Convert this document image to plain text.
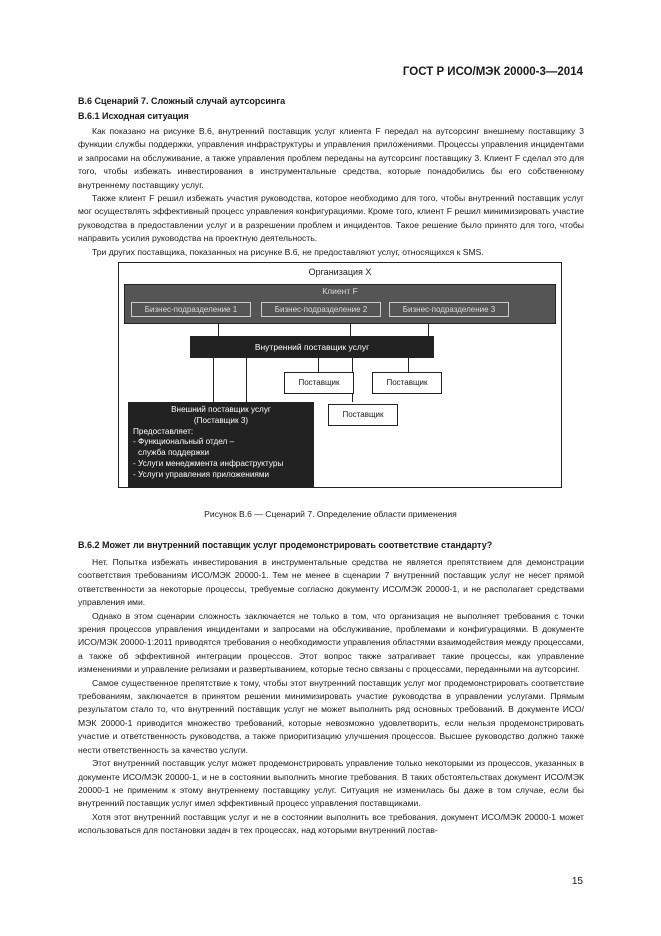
ГОСТ Р ИСО/МЭК 20000-3—2014
В.6 Сценарий 7. Сложный случай аутсорсинга
В.6.1 Исходная ситуация

Как показано на рисунке В.6, внутренний поставщик услуг клиента F передал на аутсорсинг внешнему поставщику 3 функции службы поддержки, управления инфраструктуры и управления приложениями. Процессы управления инцидентами и запросами на обслуживание, а также управления проблем переданы на аутсорсинг поставщику 3. Клиент F сделал это для того, чтобы избежать инвестирования в инструментальные средства, которые понадобились бы его собственному внутреннему поставщику услуг.

Также клиент F решил избежать участия руководства, которое необходимо для того, чтобы внутренний поставщик услуг мог осуществлять эффективный процесс управления конфигурациями. Кроме того, клиент F решил минимизировать участие руководства в предоставлении услуг и в разрешении проблем и инцидентов. Такое решение было принято для того, чтобы направить усилия руководства на проектную деятельность.

Три других поставщика, показанных на рисунке В.6, не предоставляют услуг, относящихся к SMS.

Организация X
Клиент F
Бизнес-подразделение 1	Бизнес-подразделение 2	Бизнес-подразделение 3
Внутренний поставщик услуг
Поставщик	Поставщик
Поставщик
Внешний поставщик услуг
(Поставщик 3)
Предоставляет:
- Функциональный отдел –
служба поддержки
- Услуги менеджмента инфраструктуры
- Услуги управления приложениями
Рисунок В.6 — Сценарий 7. Определение области применения
В.6.2 Может ли внутренний поставщик услуг продемонстрировать соответствие стандарту?

Нет. Попытка избежать инвестирования в инструментальные средства не является препятствием для демонстрации соответствия требованиям ИСО/МЭК 20000-1. Тем не менее в сценарии 7 внутренний поставщик услуг не несет прямой ответственности за некоторые процессы, требуемые согласно документу ИСО/МЭК 20000-1, и не располагает средствами управления ими.

Однако в этом сценарии сложность заключается не только в том, что организация не выполняет требования с точки зрения процессов управления инцидентами и запросами на обслуживание, проблемами и конфигурациями. В документе ИСО/МЭК 20000-1:2011 приводятся требования о необходимости управления областями взаимодействия между процессами, а также об эффективной интеграции процессов. Этот вопрос также затрагивает такие процессы, как управление изменениями и управление релизами и развертыванием, которые тесно связаны с процессами, переданными на аутсорсинг.

Самое существенное препятствие к тому, чтобы этот внутренний поставщик услуг мог продемонстрировать соответствие требованиям, заключается в принятом решении минимизировать участие руководства в управлении услугами. Прямым результатом стало то, что внутренний поставщик услуг не может выполнить ряд основных требований. В документе ИСО/МЭК 20000-1 приводится множество требований, которые невозможно удовлетворить, если нельзя продемонстрировать участие и ответственность руководства, а также приоритизацию улучшения процессов. Высшее руководство должно также нести ответственность за качество услуги.

Этот внутренний поставщик услуг может продемонстрировать управление только некоторыми из процессов, указанных в документе ИСО/МЭК 20000-1, и не в состоянии выполнить многие требования. В таких обстоятельствах документ ИСО/МЭК 20000-1 не применим к этому внутреннему поставщику услуг. Ситуация не изменилась бы даже в том случае, если бы внутренний поставщик услуг имел эффективный процесс управления поставщиками.

Хотя этот внутренний поставщик услуг и не в состоянии выполнить все требования, документ ИСО/МЭК 20000-1 может использоваться для постановки задач в тех процессах, над которыми внутренний постав-

15
